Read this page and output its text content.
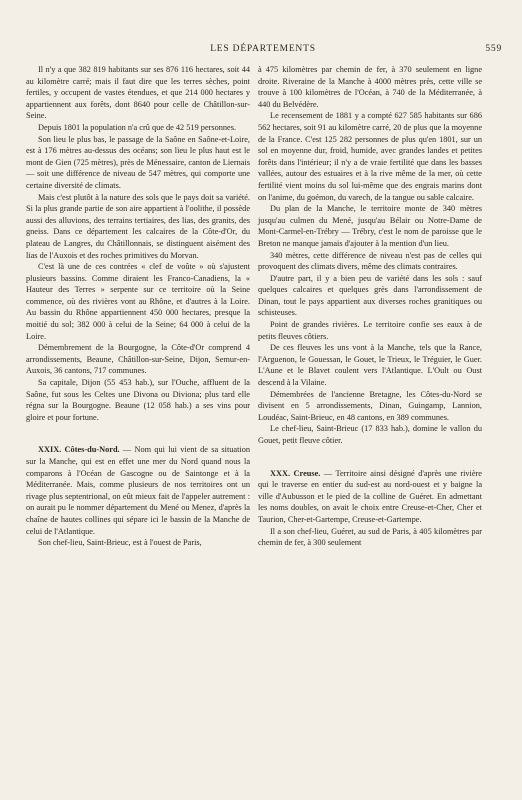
LES DÉPARTEMENTS	559

Il n'y a que 382 819 habitants sur ses 876 116 hectares, soit 44 au kilomètre carré; mais il faut dire que les terres sèches, point fertiles, y occupent de vastes étendues, et que 214 000 hectares y appartiennent aux forêts, dont 8640 pour celle de Châtillon-sur-Seine.

Depuis 1801 la population n'a crû que de 42 519 personnes.

Son lieu le plus bas, le passage de la Saône en Saône-et-Loire, est à 176 mètres au-dessus des océans; son lieu le plus haut est le mont de Gien (725 mètres), près de Ménessaire, canton de Liernais — soit une différence de niveau de 547 mètres, qui comporte une certaine diversité de climats.

Mais c'est plutôt à la nature des sols que le pays doit sa variété. Si la plus grande partie de son aire appartient à l'oolithe, il possède aussi des alluvions, des terrains tertiaires, des lias, des granits, des gneiss. Dans ce département les calcaires de la Côte-d'Or, du plateau de Langres, du Châtillonnais, se distinguent aisément des lias de l'Auxois et des roches primitives du Morvan.

C'est là une de ces contrées « clef de voûte » où s'ajustent plusieurs bassins. Comme diraient les Franco-Canadiens, la « Hauteur des Terres » serpente sur ce territoire où la Seine commence, où des rivières vont au Rhône, et d'autres à la Loire. Au bassin du Rhône appartiennent 450 000 hectares, presque la moitié du sol; 382 000 à celui de la Seine; 64 000 à celui de la Loire.

Démembrement de la Bourgogne, la Côte-d'Or comprend 4 arrondissements, Beaune, Châtillon-sur-Seine, Dijon, Semur-en-Auxois, 36 cantons, 717 communes.

Sa capitale, Dijon (55 453 hab.), sur l'Ouche, affluent de la Saône, fut sous les Celtes une Divona ou Diviona; plus tard elle régna sur la Bourgogne. Beaune (12 058 hab.) a ses vins pour gloire et pour fortune.

XXIX. Côtes-du-Nord. — Nom qui lui vient de sa situation sur la Manche, qui est en effet une mer du Nord quand nous la comparons à l'Océan de Gascogne ou de Saintonge et à la Méditerranée. Mais, comme plusieurs de nos territoires ont un rivage plus septentrional, on eût mieux fait de l'appeler autrement : on aurait pu le nommer département du Mené ou Menez, d'après la chaîne de hautes collines qui sépare ici le bassin de la Manche de celui de l'Atlantique.

Son chef-lieu, Saint-Brieuc, est à l'ouest de Paris,

à 475 kilomètres par chemin de fer, à 370 seulement en ligne droite. Riveraine de la Manche à 4000 mètres près, cette ville se trouve à 100 kilomètres de l'Océan, à 740 de la Méditerranée, à 440 du Belvédère.

Le recensement de 1881 y a compté 627 585 habitants sur 686 562 hectares, soit 91 au kilomètre carré, 20 de plus que la moyenne de la France. C'est 125 282 personnes de plus qu'en 1801, sur un sol en moyenne dur, froid, humide, avec grandes landes et petites forêts dans l'intérieur; il n'y a de vraie fertilité que dans les basses vallées, autour des estuaires et à la rive même de la mer, où cette fertilité vient moins du sol lui-même que des engrais marins dont on l'anime, du goémon, du varech, de la tangue ou sable calcaire.

Du plan de la Manche, le territoire monte de 340 mètres jusqu'au culmen du Mené, jusqu'au Bélair ou Notre-Dame de Mont-Carmel-en-Trébry — Trébry, c'est le nom de paroisse que le Breton ne manque jamais d'ajouter à la mention d'un lieu.

340 mètres, cette différence de niveau n'est pas de celles qui provoquent des climats divers, même des climats contraires.

D'autre part, il y a bien peu de variété dans les sols : sauf quelques calcaires et quelques grès dans l'arrondissement de Dinan, tout le pays appartient aux diverses roches granitiques ou schisteuses.

Point de grandes rivières. Le territoire confie ses eaux à de petits fleuves côtiers.

De ces fleuves les uns vont à la Manche, tels que la Rance, l'Arguenon, le Gouessan, le Gouet, le Trieux, le Tréguier, le Guer. L'Aune et le Blavet coulent vers l'Atlantique. L'Oult ou Oust descend à la Vilaine.

Démembrées de l'ancienne Bretagne, les Côtes-du-Nord se divisent en 5 arrondissements, Dinan, Guingamp, Lannion, Loudéac, Saint-Brieuc, en 48 cantons, en 389 communes.

Le chef-lieu, Saint-Brieuc (17 833 hab.), domine le vallon du Gouet, petit fleuve côtier.

XXX. Creuse. — Territoire ainsi désigné d'après une rivière qui le traverse en entier du sud-est au nord-ouest et y baigne la ville d'Aubusson et le pied de la colline de Guéret. En admettant les noms doubles, on avait le choix entre Creuse-et-Cher, Cher et Taurion, Cher-et-Gartempe, Creuse-et-Gartempe.

Il a son chef-lieu, Guéret, au sud de Paris, à 405 kilomètres par chemin de fer, à 300 seulement
